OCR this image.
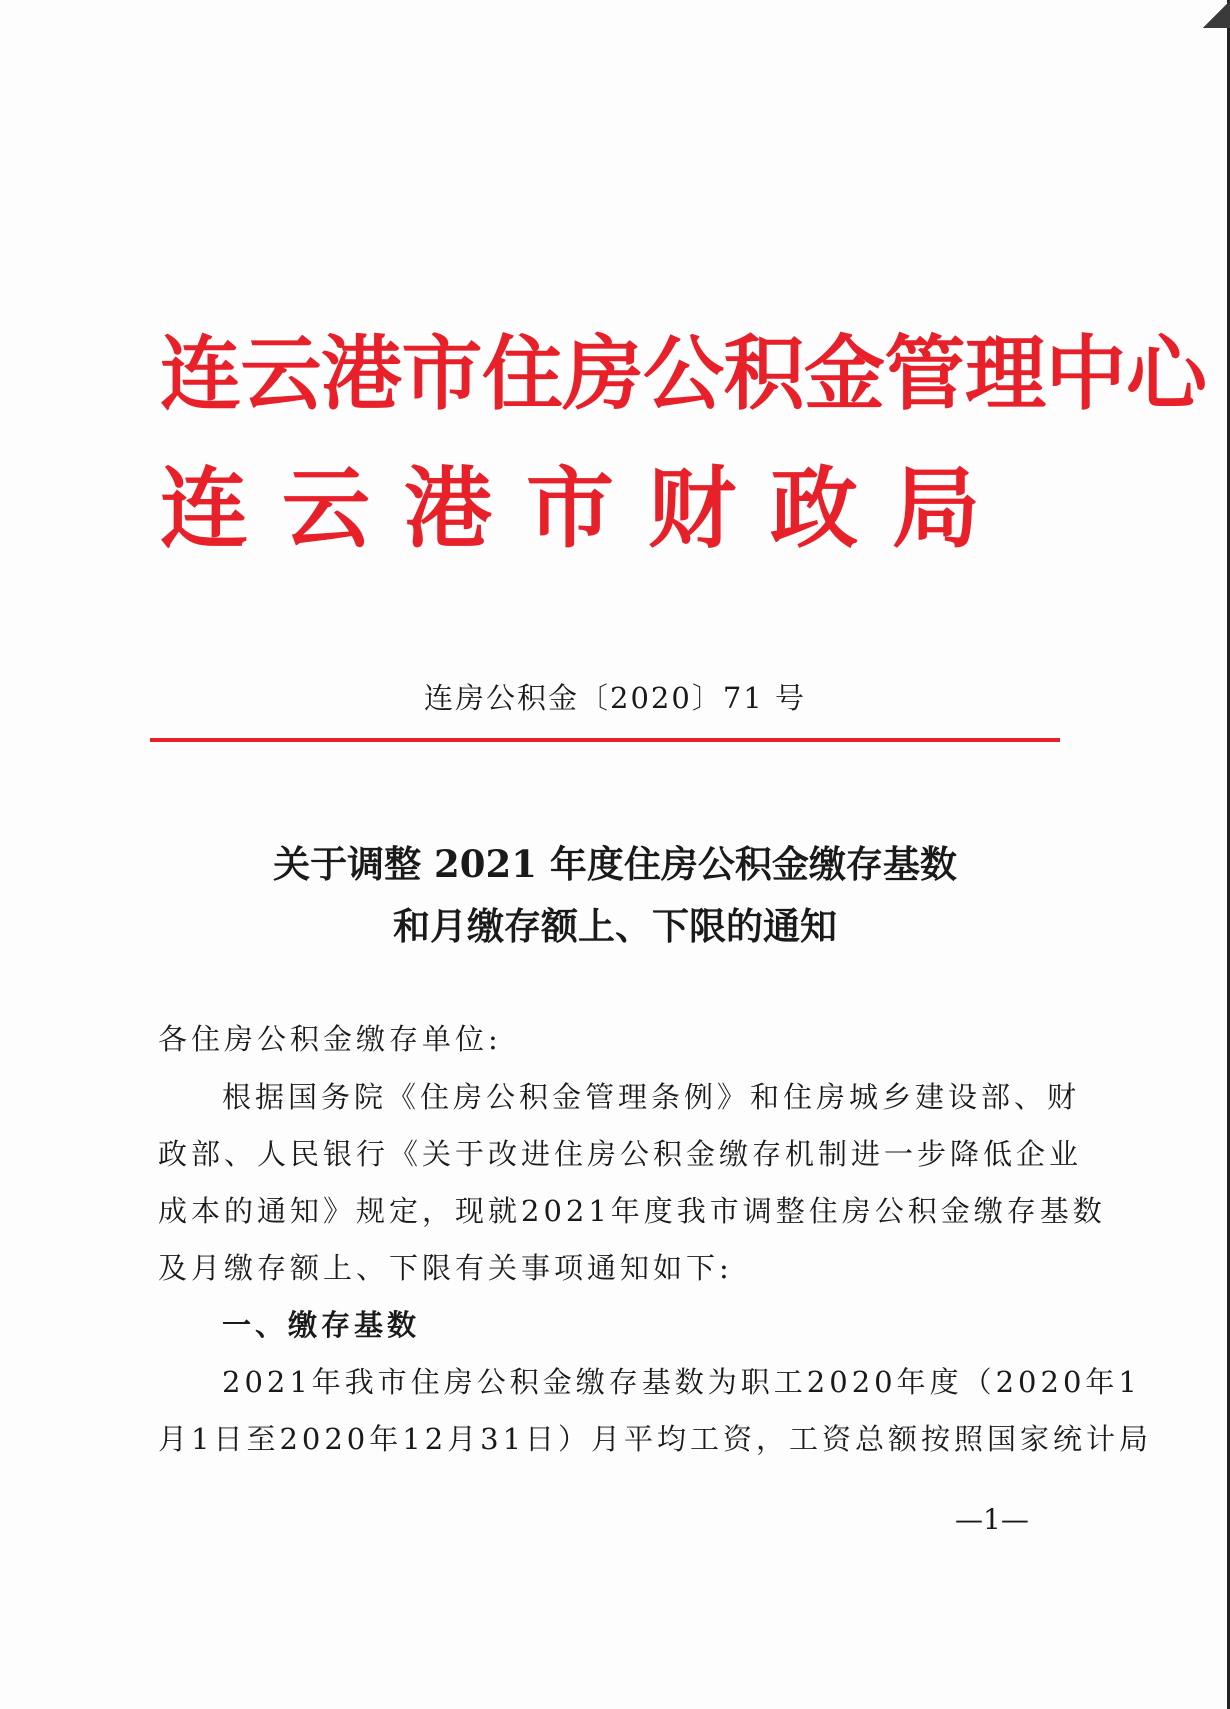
连云港市住房公积金管理中心
连云港市财政局
连房公积金〔2020〕71 号
关于调整 2021 年度住房公积金缴存基数
和月缴存额上、下限的通知
各住房公积金缴存单位:
根据国务院《住房公积金管理条例》和住房城乡建设部、财
政部、人民银行《关于改进住房公积金缴存机制进一步降低企业
成本的通知》规定，现就2021年度我市调整住房公积金缴存基数
及月缴存额上、下限有关事项通知如下:
一、缴存基数
2021年我市住房公积金缴存基数为职工2020年度（2020年1
月1日至2020年12月31日）月平均工资，工资总额按照国家统计局
—1—
